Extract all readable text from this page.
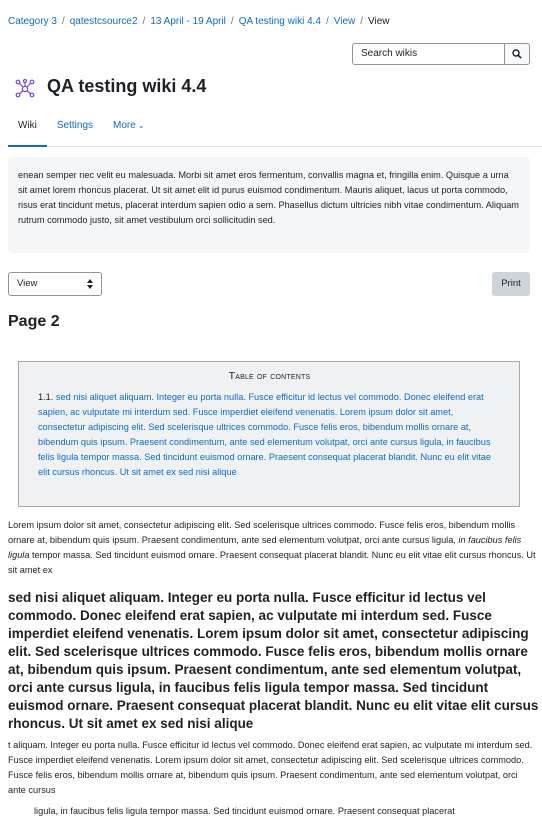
Category 3 / qatestcsource2 / 13 April - 19 April / QA testing wiki 4.4 / View / View
Search wikis
QA testing wiki 4.4
Wiki	Settings	More ⌄
enean semper nec velit eu malesuada. Morbi sit amet eros fermentum, convallis magna et, fringilla enim. Quisque a urna sit amet lorem rhoncus placerat. Ut sit amet elit id purus euismod condimentum. Mauris aliquet, lacus ut porta commodo, risus erat tincidunt metus, placerat interdum sapien odio a sem. Phasellus dictum ultricies nibh vitae condimentum. Aliquam rutrum commodo justo, sit amet vestibulum orci sollicitudin sed.
View	Print
Page 2
Table of contents
1.1. sed nisi aliquet aliquam. Integer eu porta nulla. Fusce efficitur id lectus vel commodo. Donec eleifend erat sapien, ac vulputate mi interdum sed. Fusce imperdiet eleifend venenatis. Lorem ipsum dolor sit amet, consectetur adipiscing elit. Sed scelerisque ultrices commodo. Fusce felis eros, bibendum mollis ornare at, bibendum quis ipsum. Praesent condimentum, ante sed elementum volutpat, orci ante cursus ligula, in faucibus felis ligula tempor massa. Sed tincidunt euismod ornare. Praesent consequat placerat blandit. Nunc eu elit vitae elit cursus rhoncus. Ut sit amet ex sed nisi alique

Lorem ipsum dolor sit amet, consectetur adipiscing elit. Sed scelerisque ultrices commodo. Fusce felis eros, bibendum mollis ornare at, bibendum quis ipsum. Praesent condimentum, ante sed elementum volutpat, orci ante cursus ligula, in faucibus felis ligula tempor massa. Sed tincidunt euismod ornare. Praesent consequat placerat blandit. Nunc eu elit vitae elit cursus rhoncus. Ut sit amet ex

sed nisi aliquet aliquam. Integer eu porta nulla. Fusce efficitur id lectus vel commodo. Donec eleifend erat sapien, ac vulputate mi interdum sed. Fusce imperdiet eleifend venenatis. Lorem ipsum dolor sit amet, consectetur adipiscing elit. Sed scelerisque ultrices commodo. Fusce felis eros, bibendum mollis ornare at, bibendum quis ipsum. Praesent condimentum, ante sed elementum volutpat, orci ante cursus ligula, in faucibus felis ligula tempor massa. Sed tincidunt euismod ornare. Praesent consequat placerat blandit. Nunc eu elit vitae elit cursus rhoncus. Ut sit amet ex sed nisi alique

t aliquam. Integer eu porta nulla. Fusce efficitur id lectus vel commodo. Donec eleifend erat sapien, ac vulputate mi interdum sed. Fusce imperdiet eleifend venenatis. Lorem ipsum dolor sit amet, consectetur adipiscing elit. Sed scelerisque ultrices commodo. Fusce felis eros, bibendum mollis ornare at, bibendum quis ipsum. Praesent condimentum, ante sed elementum volutpat, orci ante cursus

ligula, in faucibus felis ligula tempor massa. Sed tincidunt euismod ornare. Praesent consequat placerat
